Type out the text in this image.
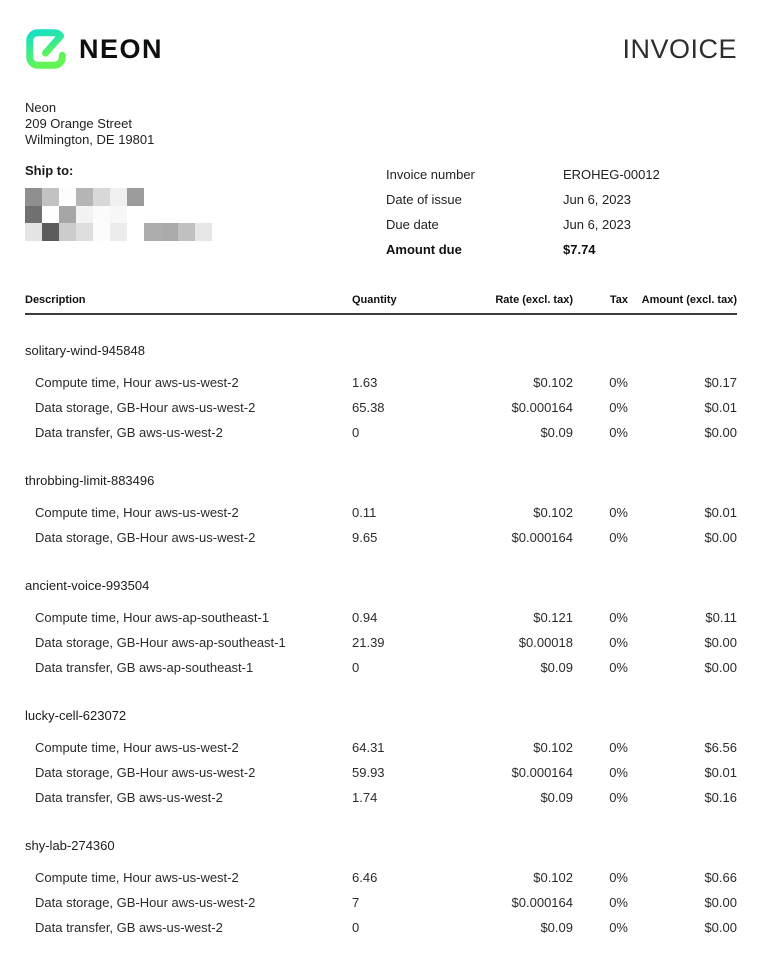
NEON	INVOICE
Neon
209 Orange Street
Wilmington, DE 19801
Ship to:	Invoice number	EROHEG-00012
Date of issue	Jun 6, 2023
Due date	Jun 6, 2023
Amount due	$7.74
Description	Quantity	Rate (excl. tax)	Tax	Amount (excl. tax)
solitary-wind-945848
Compute time, Hour aws-us-west-2	1.63	$0.102	0%	$0.17
Data storage, GB-Hour aws-us-west-2	65.38	$0.000164	0%	$0.01
Data transfer, GB aws-us-west-2	0	$0.09	0%	$0.00
throbbing-limit-883496
Compute time, Hour aws-us-west-2	0.11	$0.102	0%	$0.01
Data storage, GB-Hour aws-us-west-2	9.65	$0.000164	0%	$0.00
ancient-voice-993504
Compute time, Hour aws-ap-southeast-1	0.94	$0.121	0%	$0.11
Data storage, GB-Hour aws-ap-southeast-1	21.39	$0.00018	0%	$0.00
Data transfer, GB aws-ap-southeast-1	0	$0.09	0%	$0.00
lucky-cell-623072
Compute time, Hour aws-us-west-2	64.31	$0.102	0%	$6.56
Data storage, GB-Hour aws-us-west-2	59.93	$0.000164	0%	$0.01
Data transfer, GB aws-us-west-2	1.74	$0.09	0%	$0.16
shy-lab-274360
Compute time, Hour aws-us-west-2	6.46	$0.102	0%	$0.66
Data storage, GB-Hour aws-us-west-2	7	$0.000164	0%	$0.00
Data transfer, GB aws-us-west-2	0	$0.09	0%	$0.00
